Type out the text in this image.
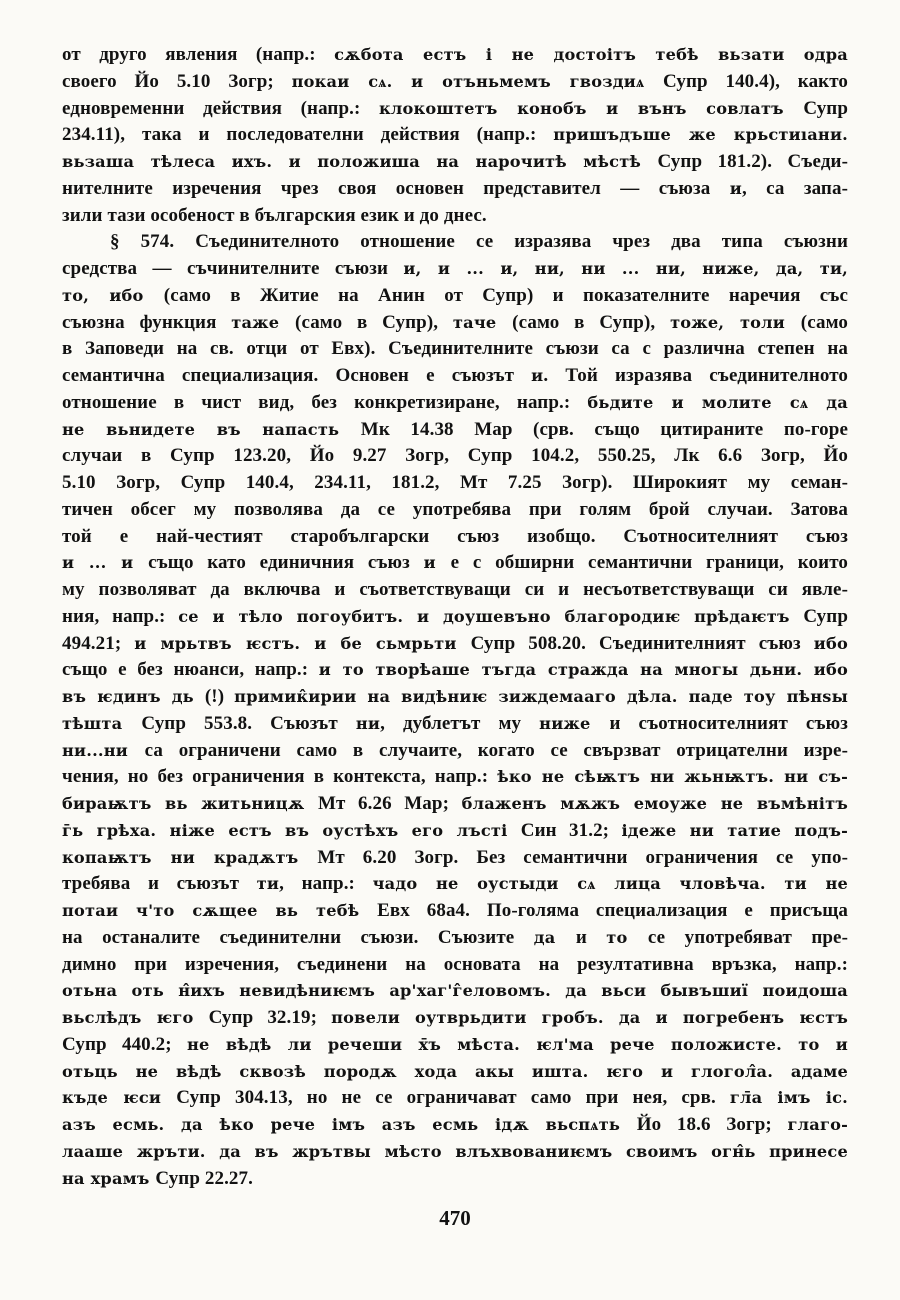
от друго явления (напр.: сѫбота естъ і не достоітъ тебѣ вьзати одра
своего Йо 5.10 Зогр; покаи сѧ. и отъньмемъ гвоздиѧ Супр 140.4), както
едновременни действия (напр.: клокоштетъ конобъ и вънъ совлатъ Супр
234.11), така и последователни действия (напр.: пришъдъше же крьстиıани.
вьзаша тѣлеса ихъ. и положиша на нарочитѣ мѣстѣ Супр 181.2). Съеди-
нителните изречения чрез своя основен представител — съюза и, са запа-
зили тази особеност в българския език и до днес.
§ 574. Съединителното отношение се изразява чрез два типа съюзни
средства — съчинителните съюзи и, и ... и, ни, ни ... ни, ниже, да, ти,
то, ибо (само в Житие на Анин от Супр) и показателните наречия със
съюзна функция таже (само в Супр), таче (само в Супр), тоже, толи (само
в Заповеди на св. отци от Евх). Съединителните съюзи са с различна степен на
семантична специализация. Основен е съюзът и. Той изразява съединителното
отношение в чист вид, без конкретизиране, напр.: бьдите и молите сѧ да
не вьнидете въ напасть Мк 14.38 Мар (срв. също цитираните по-горе
случаи в Супр 123.20, Йо 9.27 Зогр, Супр 104.2, 550.25, Лк 6.6 Зогр, Йо
5.10 Зогр, Супр 140.4, 234.11, 181.2, Мт 7.25 Зогр). Широкият му семан-
тичен обсег му позволява да се употребява при голям брой случаи. Затова
той е най-честият старобългарски съюз изобщо. Съотносителният съюз
и ... и също като единичния съюз и е с обширни семантични граници, които
му позволяват да включва и съответствуващи си и несъответствуващи си явле-
ния, напр.: се и тѣло погоубитъ. и доушевъно благородиѥ прѣдаѥтъ Супр
494.21; и мрьтвъ ѥстъ. и бе сьмрьти Супр 508.20. Съединителният съюз ибо
също е без нюанси, напр.: и то творѣаше тъгда стражда на многы дьни. ибо
въ ѥдинъ дь (!) примик̂ирии на видѣниѥ зиждемааго дѣла. паде тоу пѣнѕы
тѣшта Супр 553.8. Съюзът ни, дублетът му ниже и съотносителният съюз
ни...ни са ограничени само в случаите, когато се свързват отрицателни изре-
чения, но без ограничения в контекста, напр.: ѣко не сѣѭтъ ни жьнѭтъ. ни съ-
бираѭтъ вь житьницѫ Мт 6.26 Мар; блаженъ мѫжъ емоуже не въмѣнітъ
г̄ь грѣха. ніже естъ въ оустѣхъ его лъсті Син 31.2; ідеже ни татие подъ-
копаѭтъ ни крадѫтъ Мт 6.20 Зогр. Без семантични ограничения се упо-
требява и съюзът ти, напр.: чадо не оустыди сѧ лица чловѣча. ти не
потаи ч'то сѫщее вь тебѣ Евх 68а4. По-голяма специализация е присъща
на останалите съединителни съюзи. Съюзите да и то се употребяват пре-
димно при изречения, съединени на основата на резултативна връзка, напр.:
отьна оть н̂ихъ невидѣниѥмъ ар'хаг'г̂еловомъ. да вьси бывъшиї поидоша
вьслѣдъ ѥго Супр 32.19; повели оутврьдити гробъ. да и погребенъ ѥстъ
Супр 440.2; не вѣдѣ ли речеши х̄ъ мѣста. ѥл'ма рече положисте. то и
отьць не вѣдѣ сквозѣ породѫ хода акы ишта. ѥго и глогол̂а. адаме
къде ѥси Супр 304.13, но не се ограничават само при нея, срв. гл̄а імъ іс.
азъ есмь. да ѣко рече імъ азъ есмь ідѫ вьспѧть Йо 18.6 Зогр; глаго-
лааше жръти. да въ жрътвы мѣсто влъхвованиѥмъ своимъ огн̂ь принесе
на храмъ Супр 22.27.
470
